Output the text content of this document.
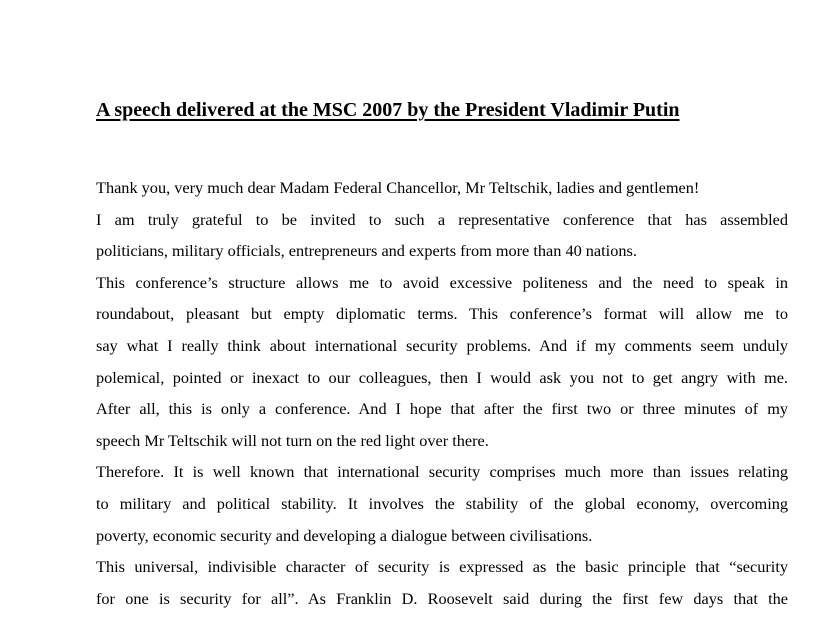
A speech delivered at the MSC 2007 by the President Vladimir Putin
Thank you, very much dear Madam Federal Chancellor, Mr Teltschik, ladies and gentlemen!
I am truly grateful to be invited to such a representative conference that has assembled
politicians, military officials, entrepreneurs and experts from more than 40 nations.
This conference’s structure allows me to avoid excessive politeness and the need to speak in
roundabout, pleasant but empty diplomatic terms. This conference’s format will allow me to
say what I really think about international security problems. And if my comments seem unduly
polemical, pointed or inexact to our colleagues, then I would ask you not to get angry with me.
After all, this is only a conference. And I hope that after the first two or three minutes of my
speech Mr Teltschik will not turn on the red light over there.
Therefore. It is well known that international security comprises much more than issues relating
to military and political stability. It involves the stability of the global economy, overcoming
poverty, economic security and developing a dialogue between civilisations.
This universal, indivisible character of security is expressed as the basic principle that “security
for one is security for all”. As Franklin D. Roosevelt said during the first few days that the
